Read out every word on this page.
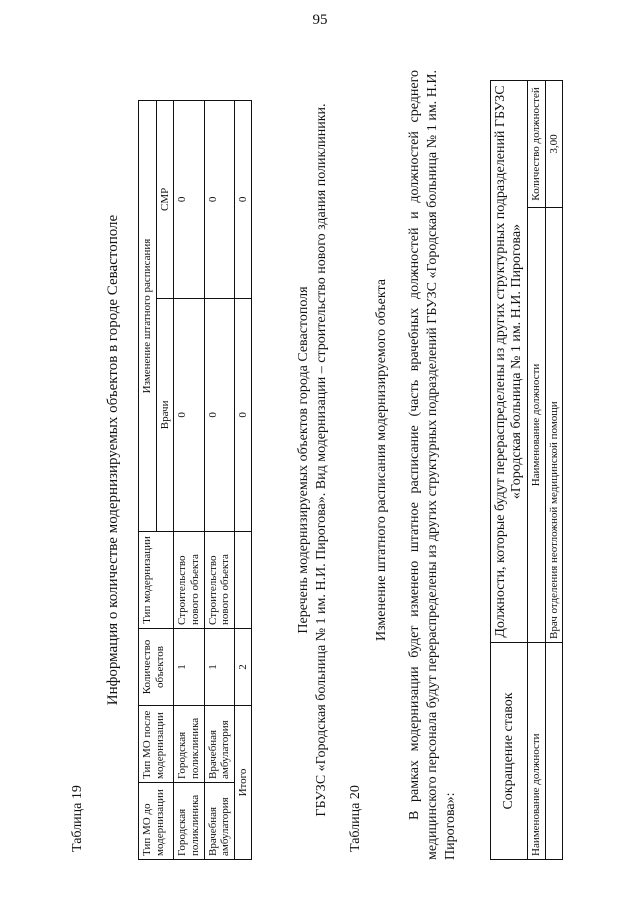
95
Таблица 19
Информация о количестве модернизируемых объектов в городе Севастополе
Тип МО до модернизации	Тип МО после модернизации	Количество объектов	Тип модернизации	Изменение штатного расписания	
				Врачи	СМР
Городская поликлиника	Городская поликлиника	1	Строительство нового объекта	0	0
Врачебная амбулатория	Врачебная амбулатория	1	Строительство нового объекта	0	0
Итого		2		0	0
Перечень модернизируемых объектов города Севастополя ГБУЗС «Городская больница № 1 им. Н.И. Пирогова». Вид модернизации – строительство нового здания поликлиники.
Таблица 20
Изменение штатного расписания модернизируемого объекта В рамках модернизации будет изменено штатное расписание (часть врачебных должностей и должностей среднего медицинского персонала будут перераспределены из других структурных подразделений ГБУЗС «Городская больница № 1 им. Н.И. Пирогова»:
Сокращение ставок	Должности, которые будут перераспределены из других структурных подразделений ГБУЗС «Городская больница № 1 им. Н.И. Пирогова»	
Наименование должности	Наименование должности	Количество должностей
	Врач отделения неотложной медицинской помощи	3,00
